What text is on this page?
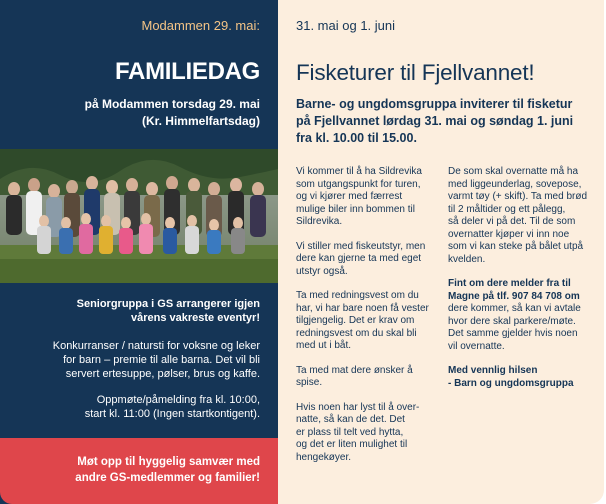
Modammen 29. mai:
FAMILIEDAG
på Modammen torsdag 29. mai
(Kr. Himmelfartsdag)
Seniorgruppa i GS arrangerer igjen
vårens vakreste eventyr!
Konkurranser / natursti for voksne og leker
for barn – premie til alle barna. Det vil bli
servert ertesuppe, pølser, brus og kaffe.
Oppmøte/påmelding fra kl. 10:00,
start kl. 11:00 (Ingen startkontigent).
Møt opp til hyggelig samvær med
andre GS-medlemmer og familier!
31. mai og 1. juni
Fisketurer til Fjellvannet!
Barne- og ungdomsgruppa inviterer til fisketur
på Fjellvannet lørdag 31. mai og søndag 1. juni
fra kl. 10.00 til 15.00.

Vi kommer til å ha Sildrevika
som utgangspunkt for turen,
og vi kjører med færrest
mulige biler inn bommen til
Sildrevika.

Vi stiller med fiskeutstyr, men
dere kan gjerne ta med eget
utstyr også.

Ta med redningsvest om du
har, vi har bare noen få vester
tilgjengelig. Det er krav om
redningsvest om du skal bli
med ut i båt.

Ta med mat dere ønsker å
spise.

Hvis noen har lyst til å over-
natte, så kan de det. Det
er plass til telt ved hytta,
og det er liten mulighet til
hengekøyer.

De som skal overnatte må ha
med liggeunderlag, sovepose,
varmt tøy (+ skift). Ta med brød
til 2 måltider og ett pålegg,
så deler vi på det. Til de som
overnatter kjøper vi inn noe
som vi kan steke på bålet utpå
kvelden.

Fint om dere melder fra til
Magne på tlf. 907 84 708 om
dere kommer, så kan vi avtale
hvor dere skal parkere/møte.
Det samme gjelder hvis noen
vil overnatte.

Med vennlig hilsen
- Barn og ungdomsgruppa
